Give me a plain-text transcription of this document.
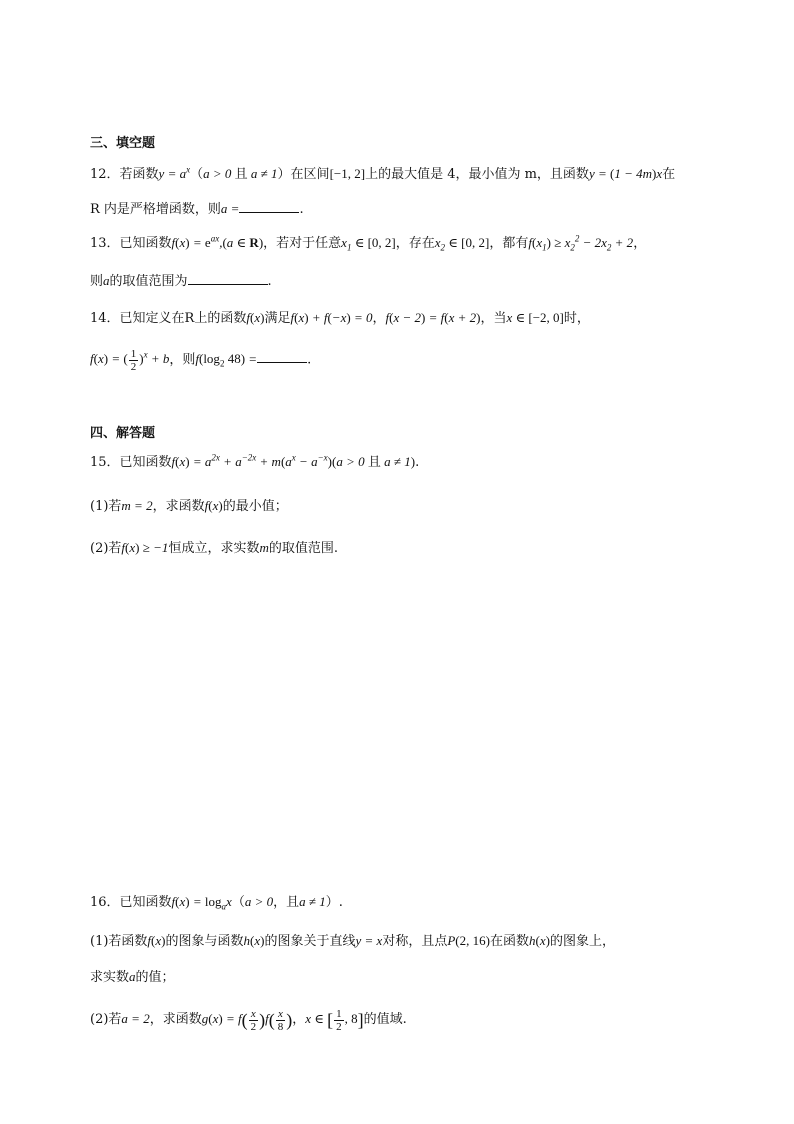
三、填空题
12．若函数$y = a^x(a > 0$ 且 a ≠ 1）在区间[−1, 2]上的最大值是 4，最小值为 m，且函数y = (1 − 4m)x在
R 内是严格增函数，则a =	.
13．已知函数$f(x) = e^{ax},(a$ ∈ R)，若对于任意$x_1$ ∈ [0, 2]，存在$x_2$ ∈ [0, 2]，都有$f(x_1) \ge x_2^2 - 2x_2 + 2$，
则a的取值范围为	.
14．已知定义在R上的函数f(x)满足f(x) + f(−x) = 0，f(x − 2) = f(x + 2)，当x ∈ [−2, 0]时，
f(x) = ( $\frac{1}{2} )^x + b$，则$f(\log_2$ 48) =	.
四、解答题
15．已知函数$f(x) = a^{2x} + a^{-2x} + m(a^x - a^{-x})(a > 0$ 且 a ≠ 1).
(1)若m = 2，求函数f(x)的最小值；
(2)若f(x) ≥ −1恒成立，求实数m的取值范围.
16．已知函数$f(x) = \log_ax(a > 0$，且a ≠ 1）.
(1)若函数f(x)的图象与函数h(x)的图象关于直线y = x对称，且点P(2, 16)在函数h(x)的图象上，
求实数a的值；
(2)若a = 2，求函数$g(x) = f( \frac{x}{2} )f( \frac{x}{8}$ )，x ∈ [ $\frac{1}{2}$ , 8]的值域.
